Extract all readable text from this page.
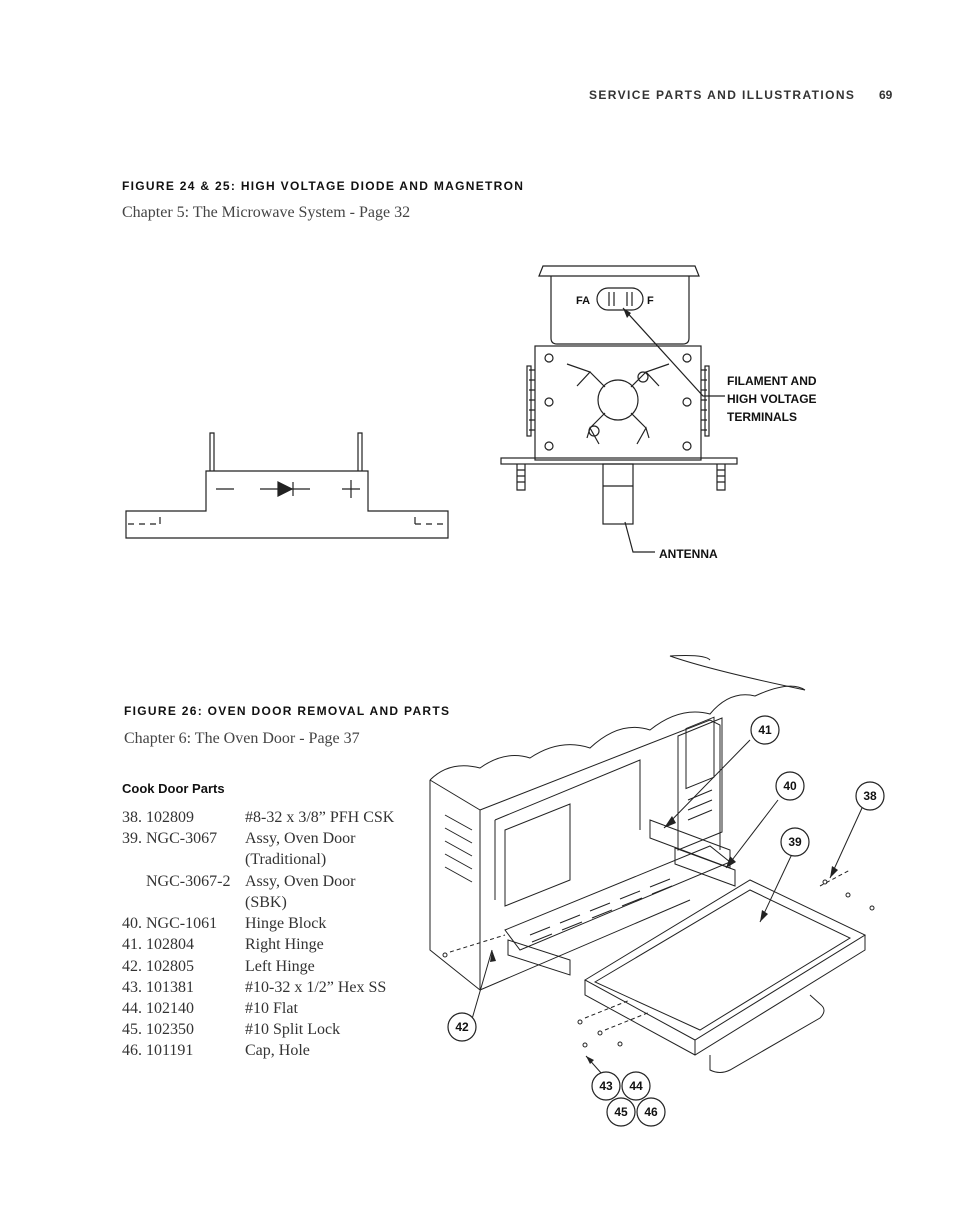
SERVICE PARTS AND ILLUSTRATIONS 69
FIGURE 24 & 25: HIGH VOLTAGE DIODE AND MAGNETRON
Chapter 5: The Microwave System - Page 32
FA	F
FILAMENT AND
HIGH VOLTAGE
TERMINALS
ANTENNA
FIGURE 26: OVEN DOOR REMOVAL AND PARTS
Chapter 6: The Oven Door - Page 37
Cook Door Parts
38. 102809	#8-32 x 3/8” PFH CSK
39. NGC-3067 Assy, Oven Door
(Traditional)
NGC-3067-2 Assy, Oven Door
(SBK)
40. NGC-1061 Hinge Block
41. 102804	Right Hinge
42. 102805	Left Hinge
43. 101381	#10-32 x 1/2” Hex SS
44. 102140	#10 Flat
45. 102350	#10 Split Lock
46. 101191	Cap, Hole
41
40
38
39
42
43 44
45 46
